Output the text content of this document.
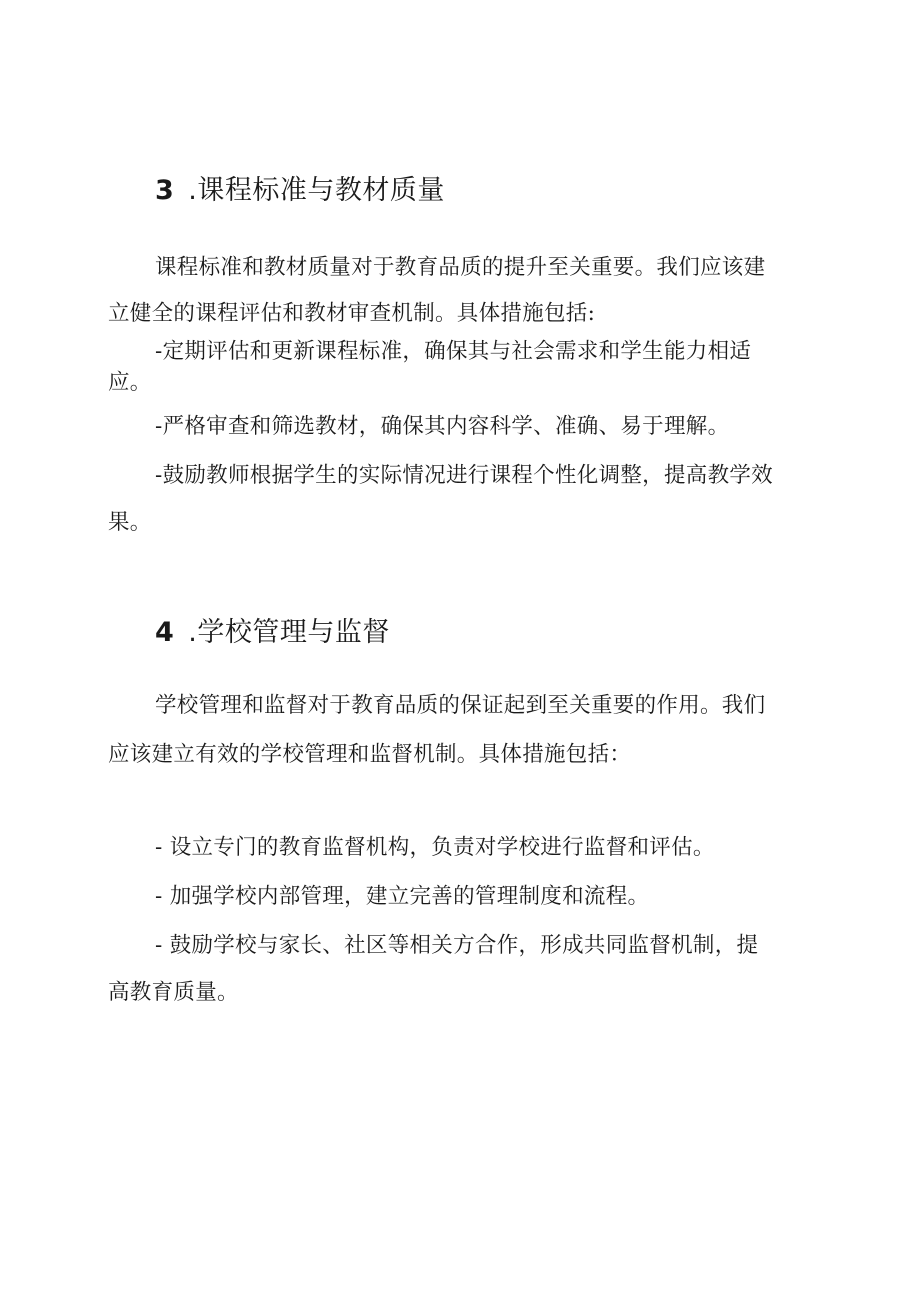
3 .课程标准与教材质量

课程标准和教材质量对于教育品质的提升至关重要。我们应该建

立健全的课程评估和教材审查机制。具体措施包括:

-定期评估和更新课程标准，确保其与社会需求和学生能力相适

应。

-严格审查和筛选教材，确保其内容科学、准确、易于理解。

-鼓励教师根据学生的实际情况进行课程个性化调整，提高教学效

果。

4 .学校管理与监督

学校管理和监督对于教育品质的保证起到至关重要的作用。我们

应该建立有效的学校管理和监督机制。具体措施包括：

- 设立专门的教育监督机构，负责对学校进行监督和评估。

- 加强学校内部管理，建立完善的管理制度和流程。

- 鼓励学校与家长、社区等相关方合作，形成共同监督机制，提

高教育质量。
